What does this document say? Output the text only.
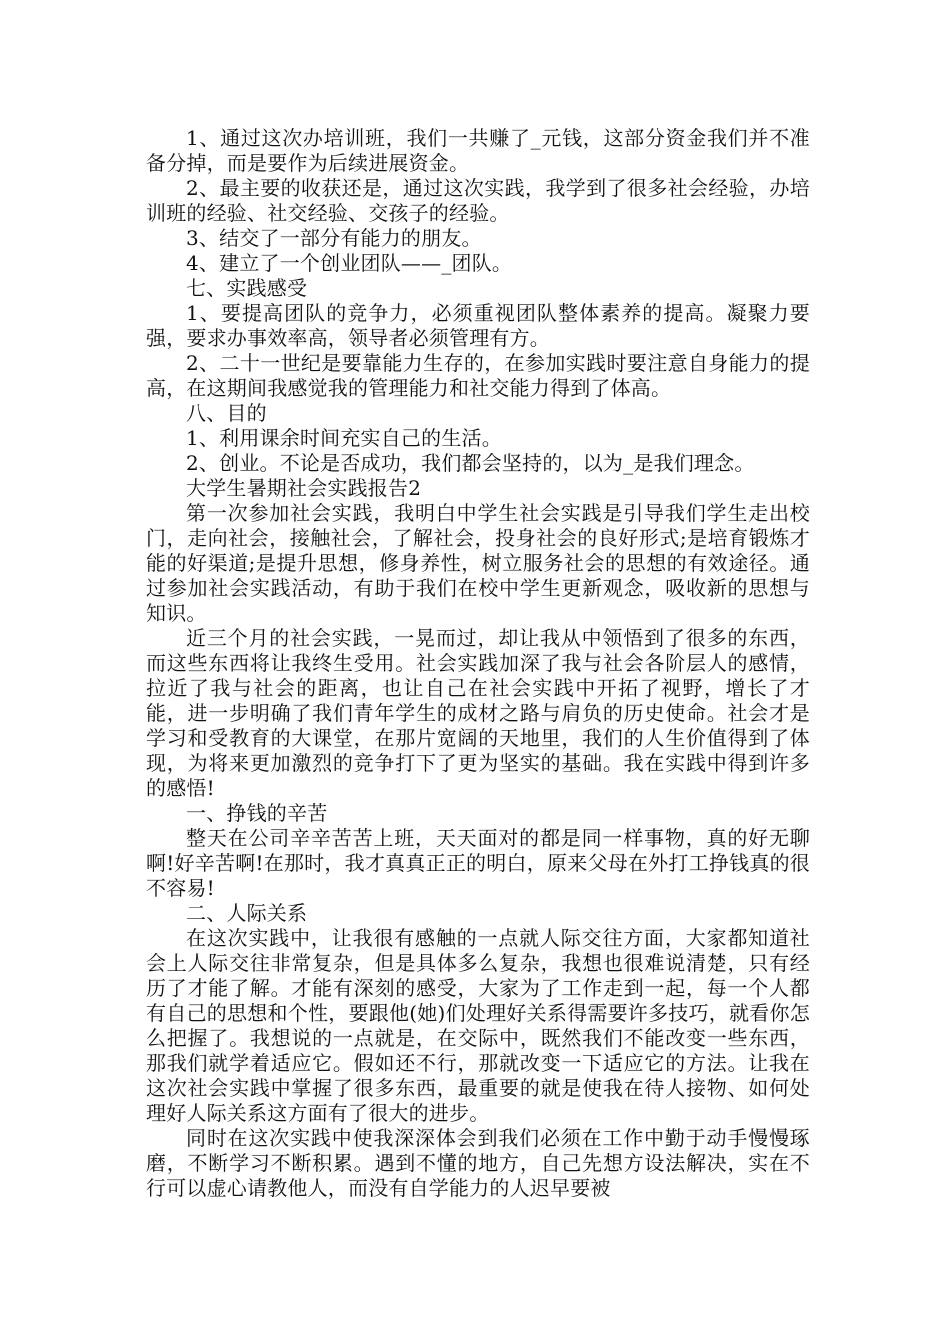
1、通过这次办培训班，我们一共赚了_元钱，这部分资金我们并不准备分掉，而是要作为后续进展资金。

2、最主要的收获还是，通过这次实践，我学到了很多社会经验，办培训班的经验、社交经验、交孩子的经验。

3、结交了一部分有能力的朋友。

4、建立了一个创业团队——_团队。

七、实践感受

1、要提高团队的竞争力，必须重视团队整体素养的提高。凝聚力要强，要求办事效率高，领导者必须管理有方。

2、二十一世纪是要靠能力生存的，在参加实践时要注意自身能力的提高，在这期间我感觉我的管理能力和社交能力得到了体高。

八、目的

1、利用课余时间充实自己的生活。

2、创业。不论是否成功，我们都会坚持的，以为_是我们理念。

大学生暑期社会实践报告2

第一次参加社会实践，我明白中学生社会实践是引导我们学生走出校门，走向社会，接触社会，了解社会，投身社会的良好形式;是培育锻炼才能的好渠道;是提升思想，修身养性，树立服务社会的思想的有效途径。通过参加社会实践活动，有助于我们在校中学生更新观念，吸收新的思想与知识。

近三个月的社会实践，一晃而过，却让我从中领悟到了很多的东西，而这些东西将让我终生受用。社会实践加深了我与社会各阶层人的感情，拉近了我与社会的距离，也让自己在社会实践中开拓了视野，增长了才能，进一步明确了我们青年学生的成材之路与肩负的历史使命。社会才是学习和受教育的大课堂，在那片宽阔的天地里，我们的人生价值得到了体现，为将来更加激烈的竞争打下了更为坚实的基础。我在实践中得到许多的感悟!

一、挣钱的辛苦

整天在公司辛辛苦苦上班，天天面对的都是同一样事物，真的好无聊啊!好辛苦啊!在那时，我才真真正正的明白，原来父母在外打工挣钱真的很不容易!

二、人际关系

在这次实践中，让我很有感触的一点就人际交往方面，大家都知道社会上人际交往非常复杂，但是具体多么复杂，我想也很难说清楚，只有经历了才能了解。才能有深刻的感受，大家为了工作走到一起，每一个人都有自己的思想和个性，要跟他(她)们处理好关系得需要许多技巧，就看你怎么把握了。我想说的一点就是，在交际中，既然我们不能改变一些东西，那我们就学着适应它。假如还不行，那就改变一下适应它的方法。让我在这次社会实践中掌握了很多东西，最重要的就是使我在待人接物、如何处理好人际关系这方面有了很大的进步。

同时在这次实践中使我深深体会到我们必须在工作中勤于动手慢慢琢磨，不断学习不断积累。遇到不懂的地方，自己先想方设法解决，实在不行可以虚心请教他人，而没有自学能力的人迟早要被
